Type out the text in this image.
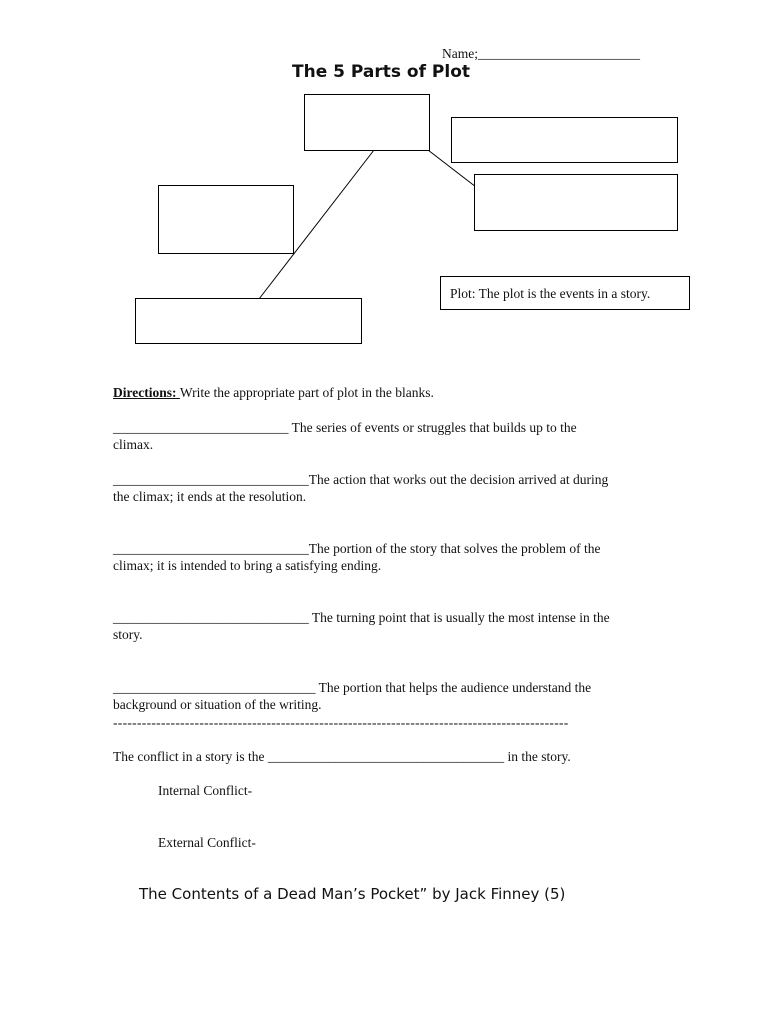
Name;________________________
The 5 Parts of Plot
Plot: The plot is the events in a story.
Directions: Write the appropriate part of plot in the blanks.
__________________________ The series of events or struggles that builds up to the
climax.
_____________________________The action that works out the decision arrived at during
the climax; it ends at the resolution.
_____________________________The portion of the story that solves the problem of the
climax; it is intended to bring a satisfying ending.
_____________________________ The turning point that is usually the most intense in the
story.
______________________________ The portion that helps the audience understand the
background or situation of the writing.
-----------------------------------------------------------------------------------------------
The conflict in a story is the ___________________________________ in the story.
Internal Conflict-
External Conflict-
The Contents of a Dead Man’s Pocket” by Jack Finney (5)
